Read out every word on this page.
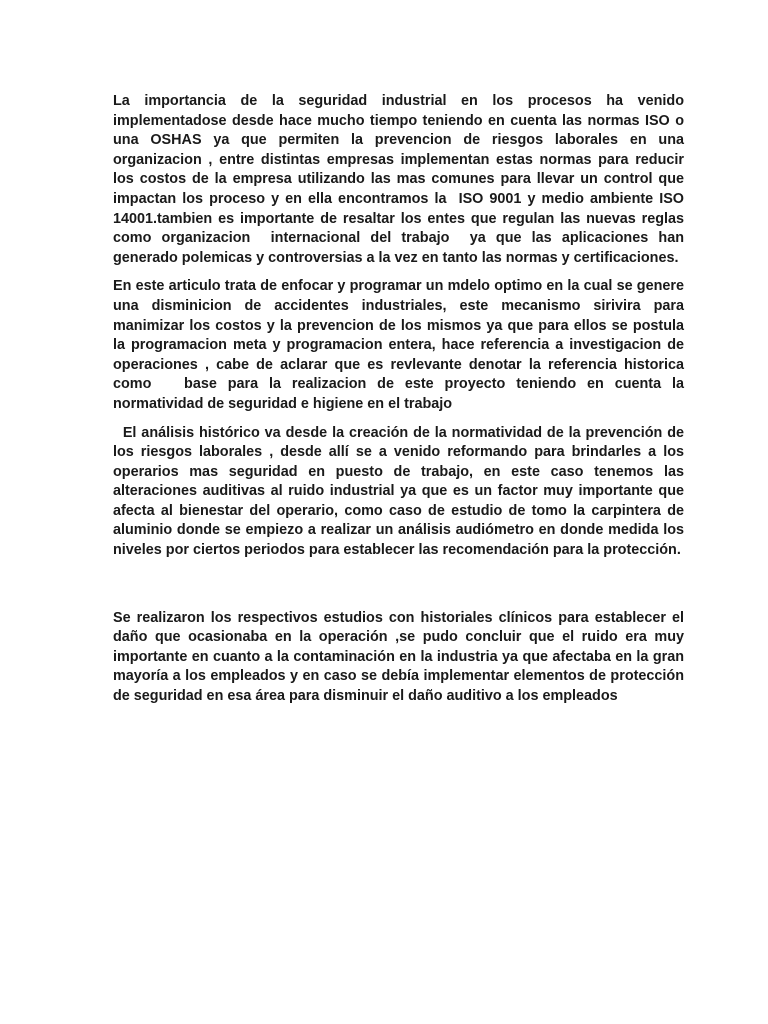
La importancia de la seguridad industrial en los procesos ha venido implementadose desde hace mucho tiempo teniendo en cuenta las normas ISO o una OSHAS ya que permiten la prevencion de riesgos laborales en una organizacion , entre distintas empresas implementan estas normas para reducir los costos de la empresa utilizando las mas comunes para llevar un control que impactan los proceso y en ella encontramos la  ISO 9001 y medio ambiente ISO 14001.tambien es importante de resaltar los entes que regulan las nuevas reglas como organizacion  internacional del trabajo  ya que las aplicaciones han generado polemicas y controversias a la vez en tanto las normas y certificaciones.

En este articulo trata de enfocar y programar un mdelo optimo en la cual se genere una disminicion de accidentes industriales, este mecanismo sirivira para manimizar los costos y la prevencion de los mismos ya que para ellos se postula la programacion meta y programacion entera, hace referencia a investigacion de operaciones , cabe de aclarar que es revlevante denotar la referencia historica como   base para la realizacion de este proyecto teniendo en cuenta la normatividad de seguridad e higiene en el trabajo

El análisis histórico va desde la creación de la normatividad de la prevención de los riesgos laborales , desde allí se a venido reformando para brindarles a los operarios mas seguridad en puesto de trabajo, en este caso tenemos las alteraciones auditivas al ruido industrial ya que es un factor muy importante que afecta al bienestar del operario, como caso de estudio de tomo la carpintera de aluminio donde se empiezo a realizar un análisis audiómetro en donde medida los niveles por ciertos periodos para establecer las recomendación para la protección.

Se realizaron los respectivos estudios con historiales clínicos para establecer el daño que ocasionaba en la operación ,se pudo concluir que el ruido era muy importante en cuanto a la contaminación en la industria ya que afectaba en la gran mayoría a los empleados y en caso se debía implementar elementos de protección de seguridad en esa área para disminuir el daño auditivo a los empleados
